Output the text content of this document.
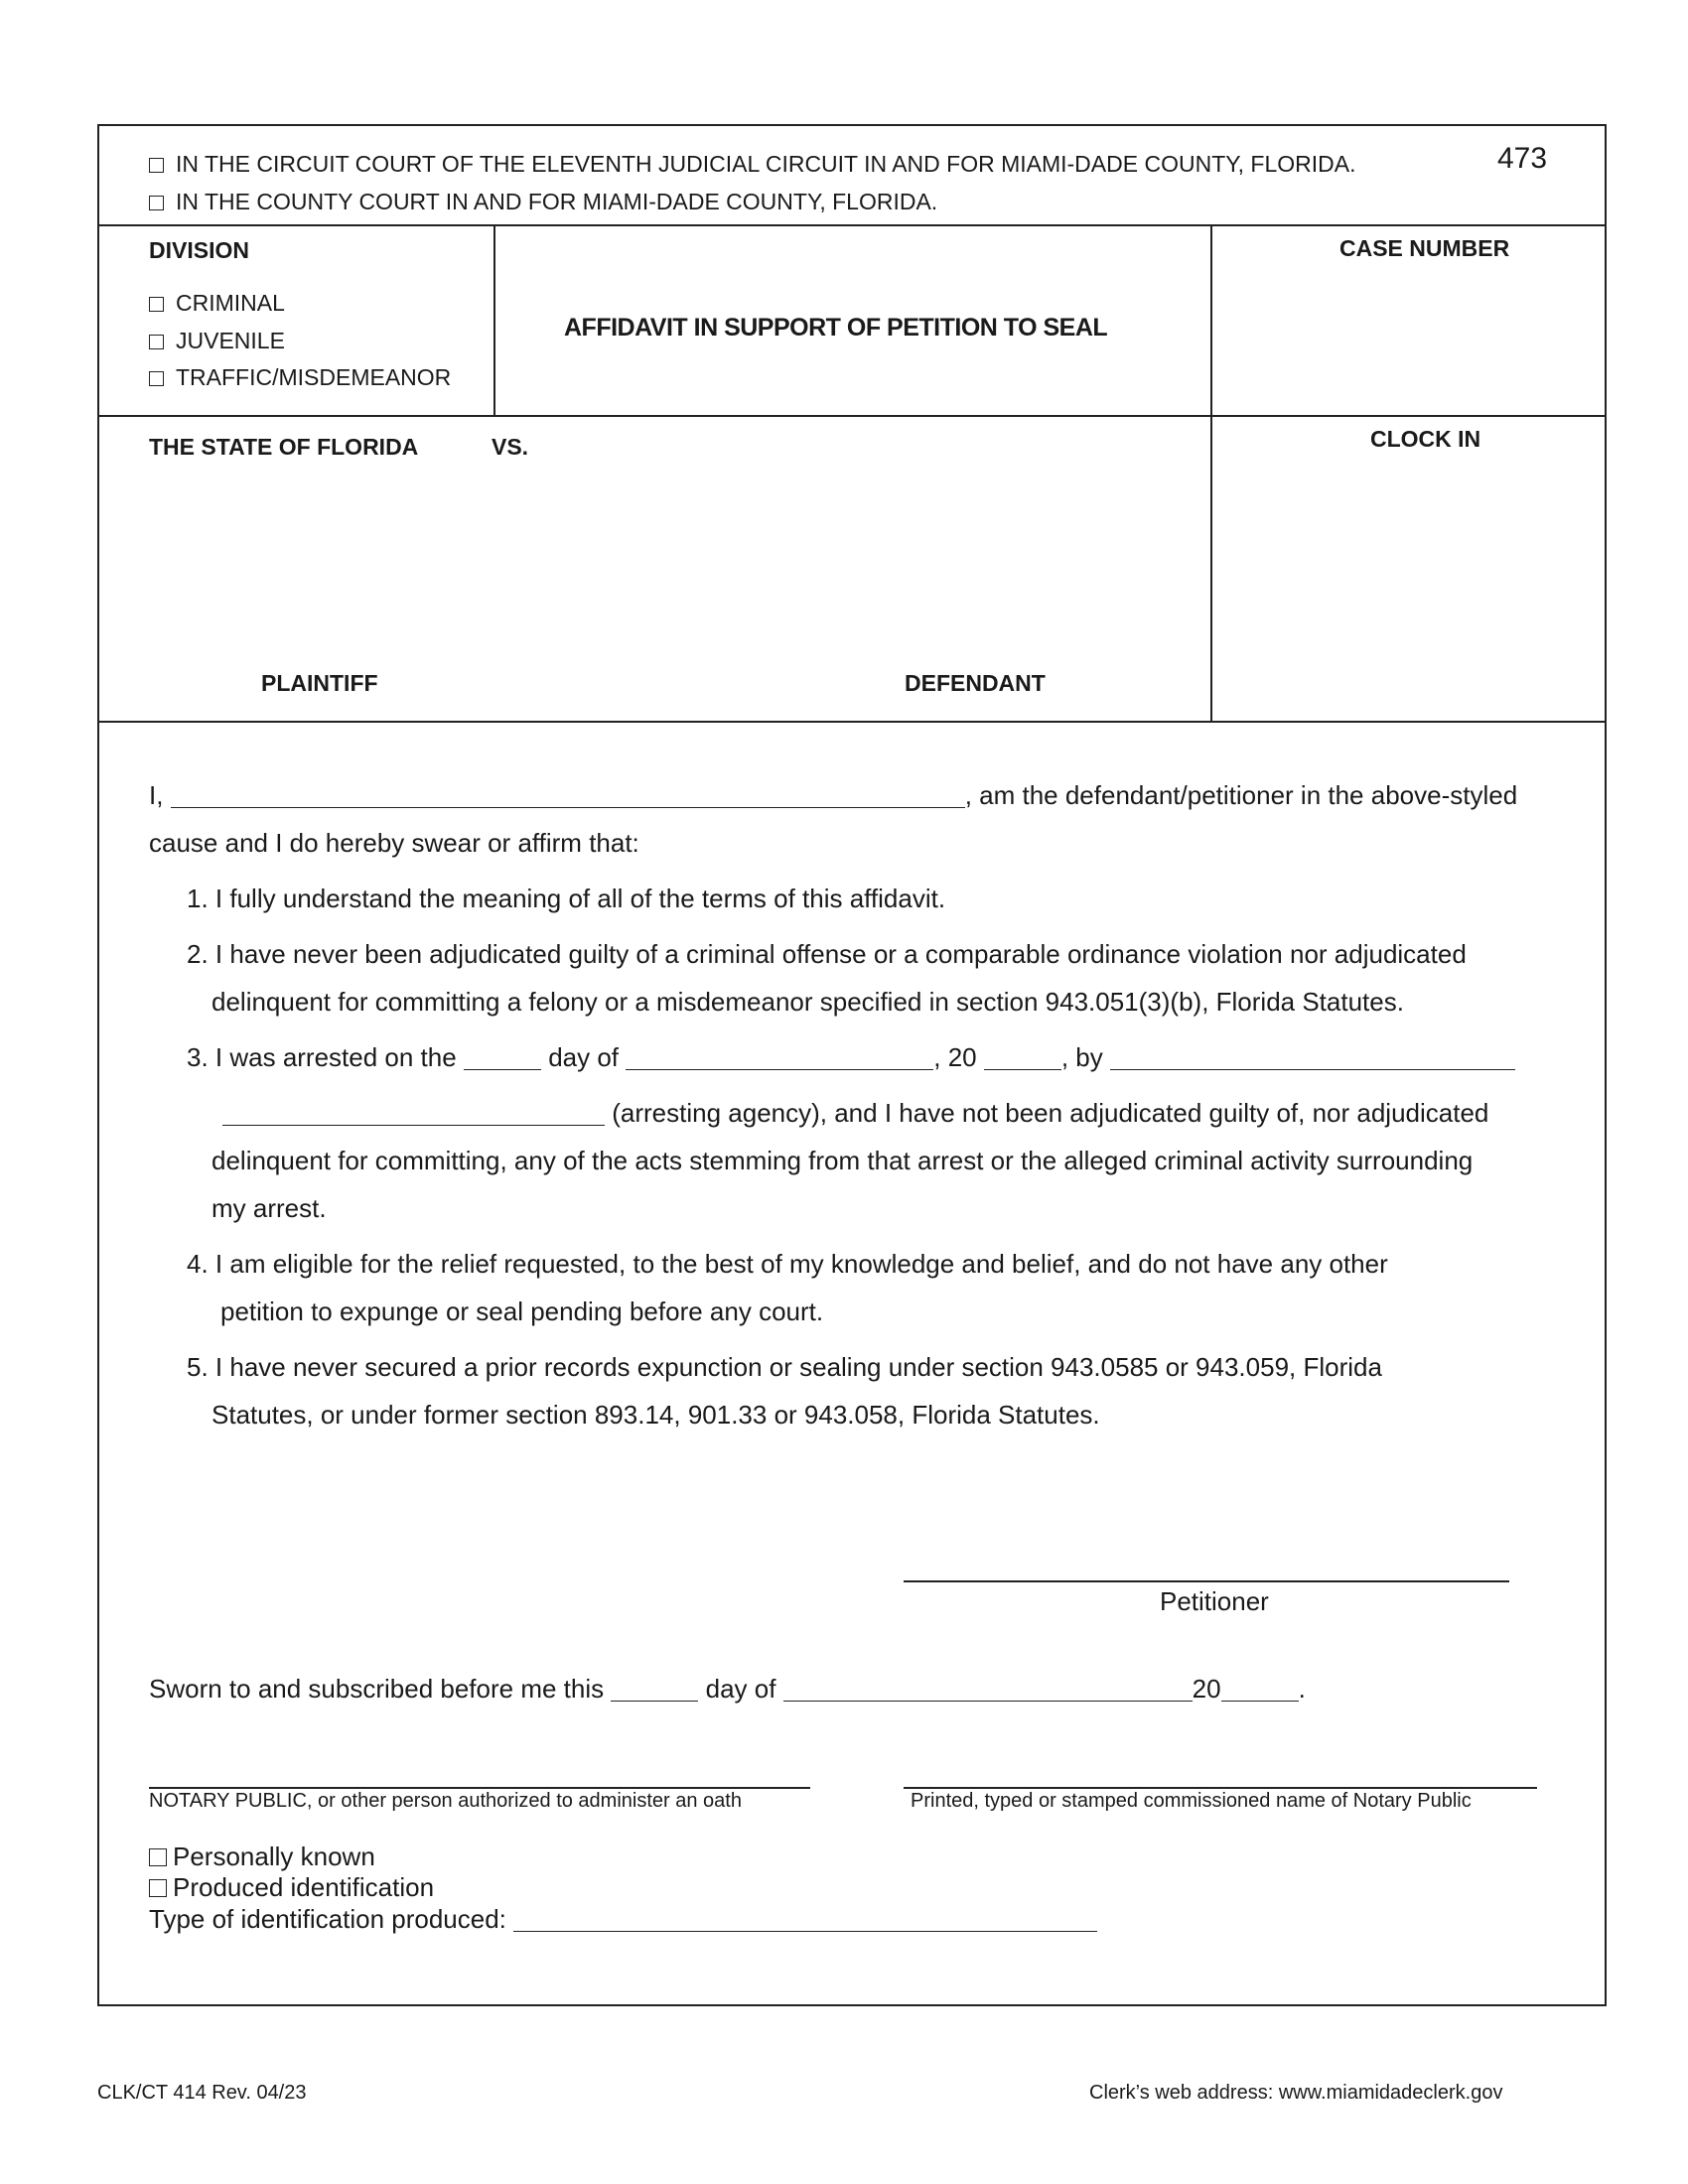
IN THE CIRCUIT COURT OF THE ELEVENTH JUDICIAL CIRCUIT IN AND FOR MIAMI-DADE COUNTY, FLORIDA.
IN THE COUNTY COURT IN AND FOR MIAMI-DADE COUNTY, FLORIDA.
473
DIVISION
CRIMINAL
JUVENILE
TRAFFIC/MISDEMEANOR
AFFIDAVIT IN SUPPORT OF PETITION TO SEAL
CASE NUMBER
THE STATE OF FLORIDA	VS.	CLOCK IN
PLAINTIFF	DEFENDANT
I,	, am the defendant/petitioner in the above-styled
cause and I do hereby swear or affirm that:
1. I fully understand the meaning of all of the terms of this affidavit.
2. I have never been adjudicated guilty of a criminal offense or a comparable ordinance violation nor adjudicated
delinquent for committing a felony or a misdemeanor specified in section 943.051(3)(b), Florida Statutes.
3. I was arrested on the	day of	, 20	, by
(arresting agency), and I have not been adjudicated guilty of, nor adjudicated
delinquent for committing, any of the acts stemming from that arrest or the alleged criminal activity surrounding
my arrest.
4. I am eligible for the relief requested, to the best of my knowledge and belief, and do not have any other
petition to expunge or seal pending before any court.
5. I have never secured a prior records expunction or sealing under section 943.0585 or 943.059, Florida
Statutes, or under former section 893.14, 901.33 or 943.058, Florida Statutes.
Petitioner
Sworn to and subscribed before me this	day of	20	.
NOTARY PUBLIC, or other person authorized to administer an oath	Printed, typed or stamped commissioned name of Notary Public
Personally known
Produced identification
Type of identification produced:
CLK/CT 414 Rev. 04/23	Clerk’s web address: www.miamidadeclerk.gov
